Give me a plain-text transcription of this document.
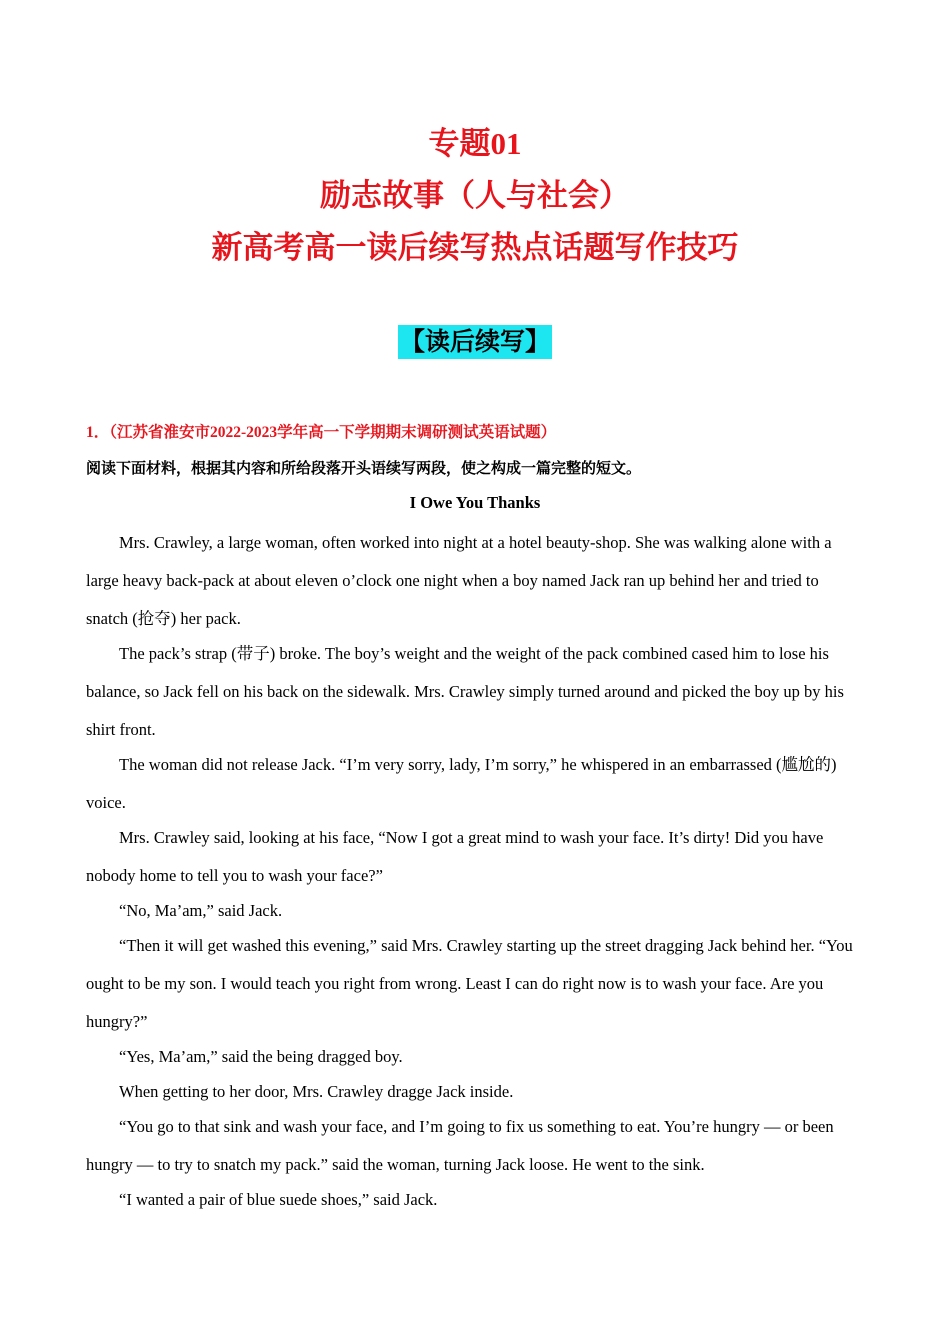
专题01
励志故事（人与社会）
新高考高一读后续写热点话题写作技巧
【读后续写】
1．（江苏省淮安市2022-2023学年高一下学期期末调研测试英语试题）
阅读下面材料，根据其内容和所给段落开头语续写两段，使之构成一篇完整的短文。
I Owe You Thanks

Mrs. Crawley, a large woman, often worked into night at a hotel beauty-shop. She was walking alone with a large heavy back-pack at about eleven o’clock one night when a boy named Jack ran up behind her and tried to snatch (抢夺) her pack.

The pack’s strap (带子) broke. The boy’s weight and the weight of the pack combined cased him to lose his balance, so Jack fell on his back on the sidewalk. Mrs. Crawley simply turned around and picked the boy up by his shirt front.

The woman did not release Jack. “I’m very sorry, lady, I’m sorry,” he whispered in an embarrassed (尴尬的) voice.

Mrs. Crawley said, looking at his face, “Now I got a great mind to wash your face. It’s dirty! Did you have nobody home to tell you to wash your face?”

“No, Ma’am,” said Jack.

“Then it will get washed this evening,” said Mrs. Crawley starting up the street dragging Jack behind her. “You ought to be my son. I would teach you right from wrong. Least I can do right now is to wash your face. Are you hungry?”

“Yes, Ma’am,” said the being dragged boy.

When getting to her door, Mrs. Crawley dragge Jack inside.

“You go to that sink and wash your face, and I’m going to fix us something to eat. You’re hungry — or been hungry — to try to snatch my pack.” said the woman, turning Jack loose. He went to the sink.

“I wanted a pair of blue suede shoes,” said Jack.
